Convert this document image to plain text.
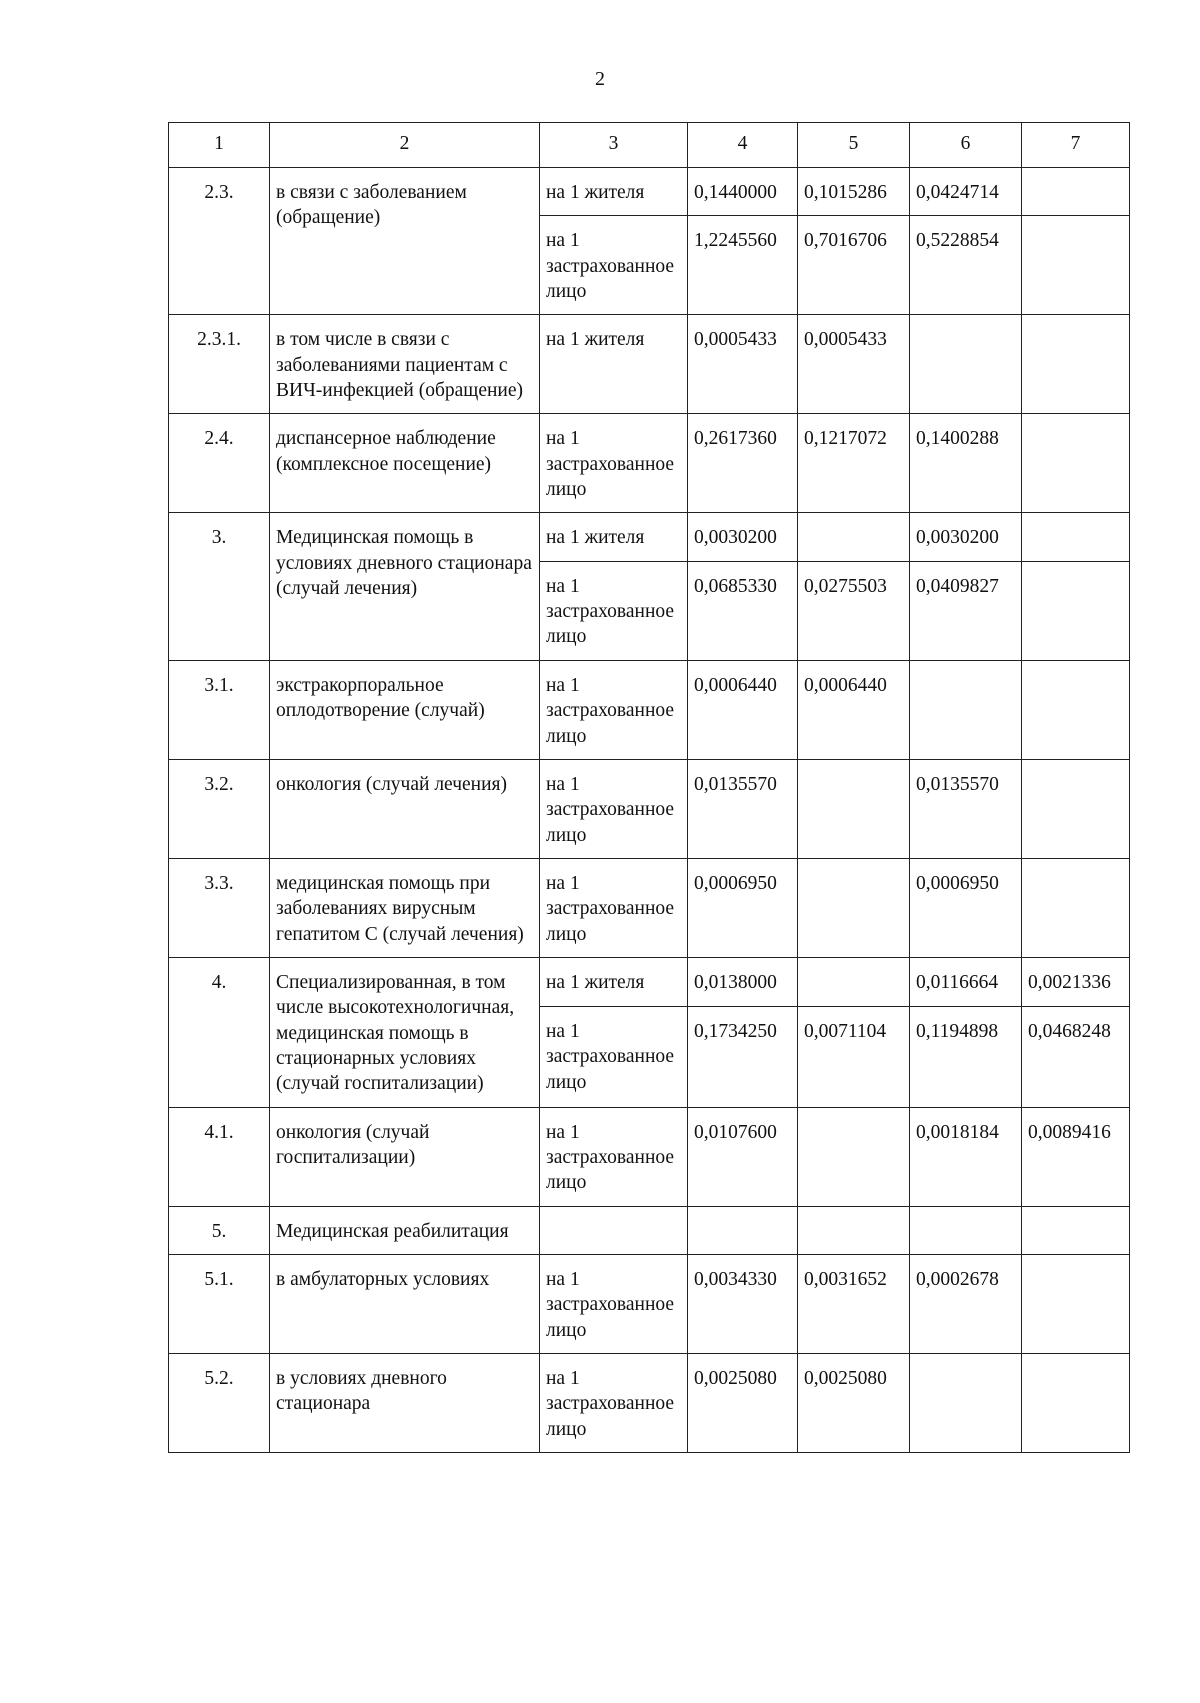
2
1	2	3	4	5	6	7
2.3.	в связи с заболеванием (обращение)	на 1 жителя	0,1440000	0,1015286	0,0424714	
		на 1 застрахованное лицо	1,2245560	0,7016706	0,5228854	
2.3.1.	в том числе в связи с заболеваниями пациентам с ВИЧ-инфекцией (обращение)	на 1 жителя	0,0005433	0,0005433		
2.4.	диспансерное наблюдение (комплексное посещение)	на 1 застрахованное лицо	0,2617360	0,1217072	0,1400288	
3.	Медицинская помощь в условиях дневного стационара (случай лечения)	на 1 жителя	0,0030200		0,0030200	
		на 1 застрахованное лицо	0,0685330	0,0275503	0,0409827	
3.1.	экстракорпоральное оплодотворение (случай)	на 1 застрахованное лицо	0,0006440	0,0006440		
3.2.	онкология (случай лечения)	на 1 застрахованное лицо	0,0135570		0,0135570	
3.3.	медицинская помощь при заболеваниях вирусным гепатитом С (случай лечения)	на 1 застрахованное лицо	0,0006950		0,0006950	
4.	Специализированная, в том числе высокотехнологичная, медицинская помощь в стационарных условиях (случай госпитализации)	на 1 жителя	0,0138000		0,0116664	0,0021336
		на 1 застрахованное лицо	0,1734250	0,0071104	0,1194898	0,0468248
4.1.	онкология (случай госпитализации)	на 1 застрахованное лицо	0,0107600		0,0018184	0,0089416
5.	Медицинская реабилитация					
5.1.	в амбулаторных условиях	на 1 застрахованное лицо	0,0034330	0,0031652	0,0002678	
5.2.	в условиях дневного стационара	на 1 застрахованное лицо	0,0025080	0,0025080		
